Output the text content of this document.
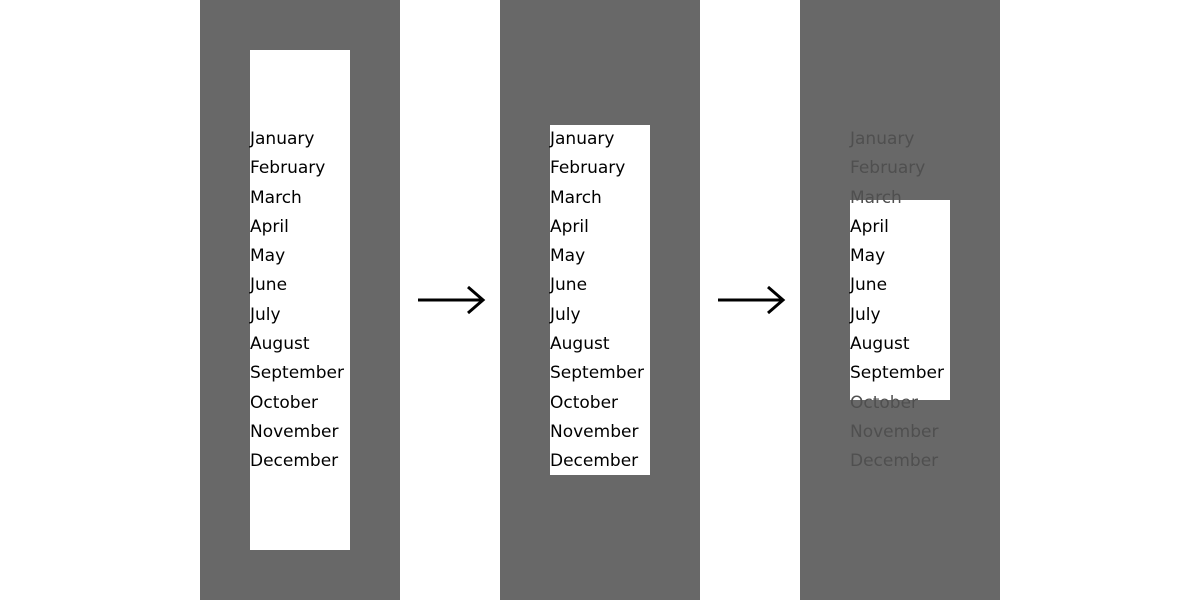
January
February
March
April
May
June
July
August
September
October
November
December
January
February
March
April
May
June
July
August
September
October
November
December
January
February
March
April
May
June
July
August
September
October
November
December
